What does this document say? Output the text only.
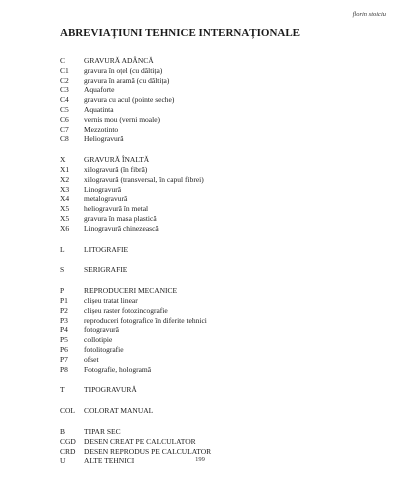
florin stoiciu
ABREVIAȚIUNI TEHNICE INTERNAȚIONALE
C	GRAVURĂ ADÂNCĂ
C1	gravura în oțel (cu dăltița)
C2	gravura în aramă (cu dăltița)
C3	Aquaforte
C4	gravura cu acul (pointe seche)
C5	Aquatinta
C6	vernis mou (verni moale)
C7	Mezzotinto
C8	Heliogravură
X	GRAVURĂ ÎNALTĂ
X1	xilogravură (în fibră)
X2	xilogravură (transversal, în capul fibrei)
X3	Linogravură
X4	metalogravură
X5	heliogravură în metal
X5	gravura în masa plastică
X6	Linogravură chinezească
L	LITOGRAFIE
S	SERIGRAFIE
P	REPRODUCERI MECANICE
P1	clișeu tratat linear
P2	clișeu raster fotozincografie
P3	reproduceri fotografice în diferite tehnici
P4	fotogravură
P5	collotipie
P6	fotolitografie
P7	ofset
P8	Fotografie, hologramă
T	TIPOGRAVURĂ
COL	COLORAT MANUAL
B	TIPAR SEC
CGD	DESEN CREAT PE CALCULATOR
CRD	DESEN REPRODUS PE CALCULATOR
U	ALTE TEHNICI	199
